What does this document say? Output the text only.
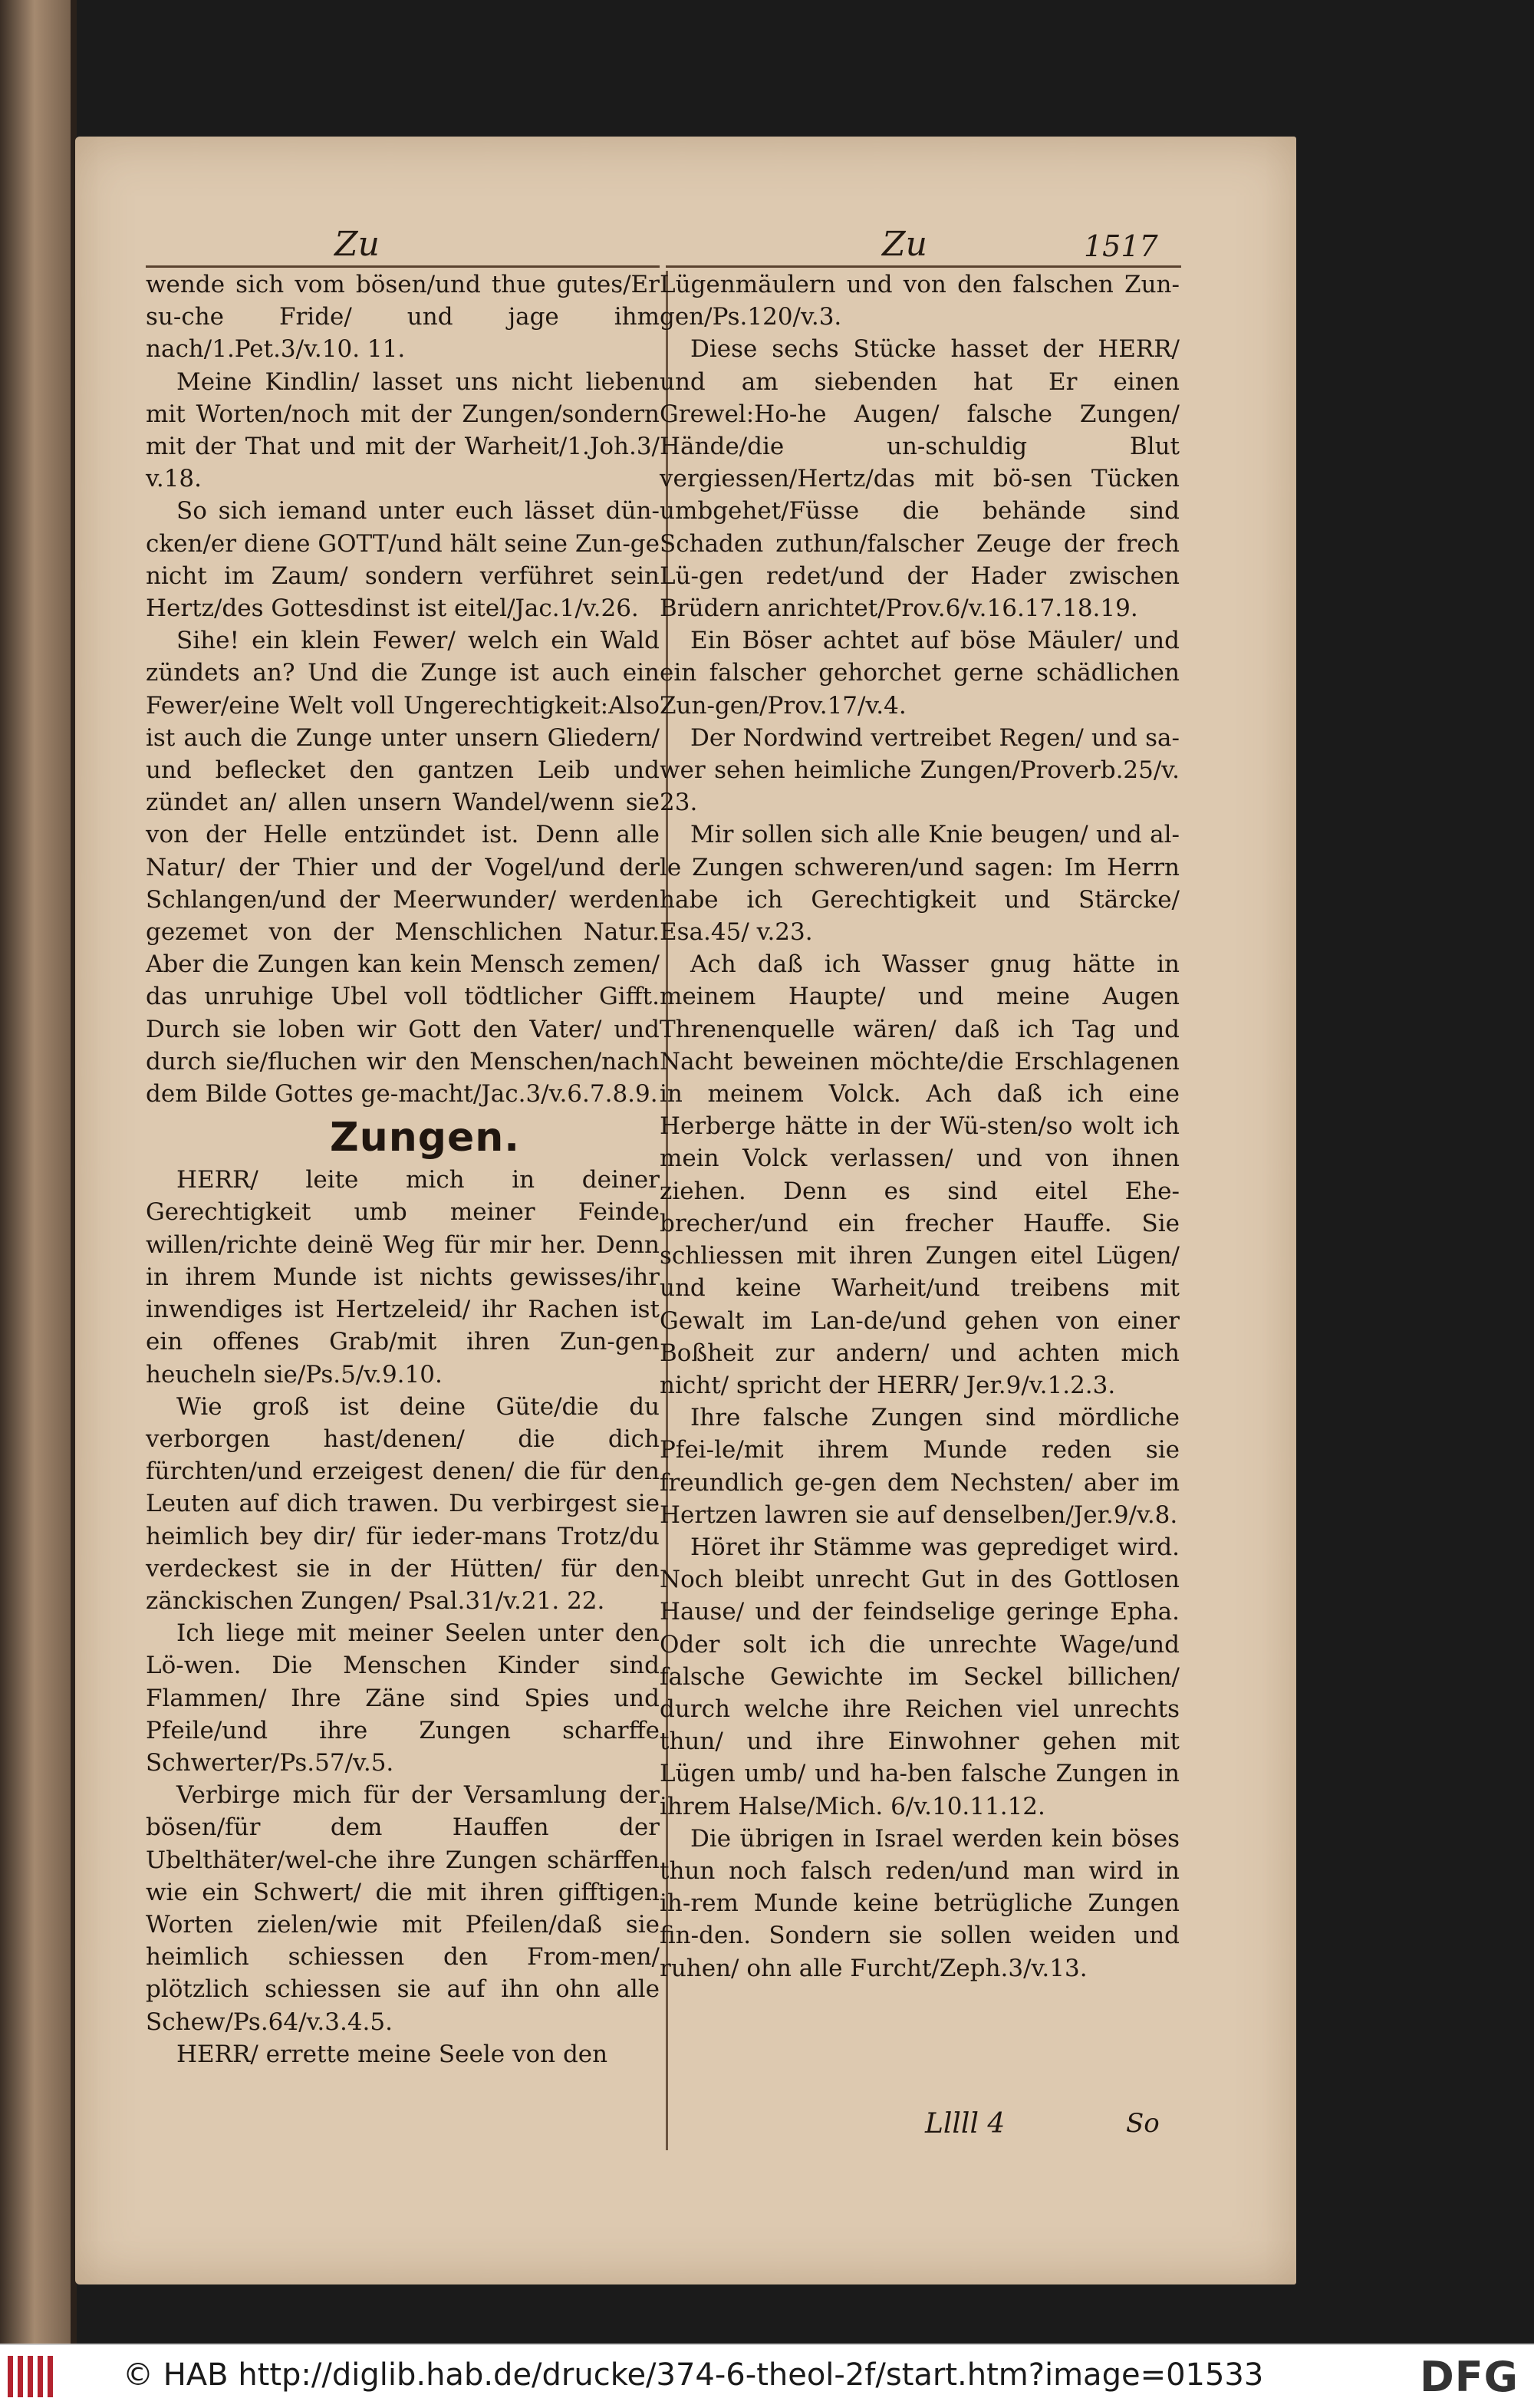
Zu	Zu	1517

wende sich vom bösen/und thue gutes/Er su-che Fride/ und jage ihm nach/1.Pet.3/v.10. 11.

Meine Kindlin/ lasset uns nicht lieben mit Worten/noch mit der Zungen/sondern mit der That und mit der Warheit/1.Joh.3/ v.18.

So sich iemand unter euch lässet dün-cken/er diene GOTT/und hält seine Zun-ge nicht im Zaum/ sondern verführet sein Hertz/des Gottesdinst ist eitel/Jac.1/v.26.

Sihe! ein klein Fewer/ welch ein Wald zündets an? Und die Zunge ist auch ein Fewer/eine Welt voll Ungerechtigkeit:Also ist auch die Zunge unter unsern Gliedern/ und beflecket den gantzen Leib und zündet an/ allen unsern Wandel/wenn sie von der Helle entzündet ist. Denn alle Natur/ der Thier und der Vogel/und der Schlangen/und der Meerwunder/ werden gezemet von der Menschlichen Natur. Aber die Zungen kan kein Mensch zemen/ das unruhige Ubel voll tödtlicher Gifft. Durch sie loben wir Gott den Vater/ und durch sie/fluchen wir den Menschen/nach dem Bilde Gottes ge-macht/Jac.3/v.6.7.8.9.

Zungen.

HERR/ leite mich in deiner Gerechtigkeit umb meiner Feinde willen/richte deinë Weg für mir her. Denn in ihrem Munde ist nichts gewisses/ihr inwendiges ist Hertzeleid/ ihr Rachen ist ein offenes Grab/mit ihren Zun-gen heucheln sie/Ps.5/v.9.10.

Wie groß ist deine Güte/die du verborgen hast/denen/ die dich fürchten/und erzeigest denen/ die für den Leuten auf dich trawen. Du verbirgest sie heimlich bey dir/ für ieder-mans Trotz/du verdeckest sie in der Hütten/ für den zänckischen Zungen/ Psal.31/v.21. 22.

Ich liege mit meiner Seelen unter den Lö-wen. Die Menschen Kinder sind Flammen/ Ihre Zäne sind Spies und Pfeile/und ihre Zungen scharffe Schwerter/Ps.57/v.5.

Verbirge mich für der Versamlung der bösen/für dem Hauffen der Ubelthäter/wel-che ihre Zungen schärffen wie ein Schwert/ die mit ihren gifftigen Worten zielen/wie mit Pfeilen/daß sie heimlich schiessen den From-men/ plötzlich schiessen sie auf ihn ohn alle Schew/Ps.64/v.3.4.5.

HERR/ errette meine Seele von den

Lügenmäulern und von den falschen Zun-gen/Ps.120/v.3.

Diese sechs Stücke hasset der HERR/ und am siebenden hat Er einen Grewel:Ho-he Augen/ falsche Zungen/ Hände/die un-schuldig Blut vergiessen/Hertz/das mit bö-sen Tücken umbgehet/Füsse die behände sind Schaden zuthun/falscher Zeuge der frech Lü-gen redet/und der Hader zwischen Brüdern anrichtet/Prov.6/v.16.17.18.19.

Ein Böser achtet auf böse Mäuler/ und ein falscher gehorchet gerne schädlichen Zun-gen/Prov.17/v.4.

Der Nordwind vertreibet Regen/ und sa-wer sehen heimliche Zungen/Proverb.25/v. 23.

Mir sollen sich alle Knie beugen/ und al-le Zungen schweren/und sagen: Im Herrn habe ich Gerechtigkeit und Stärcke/ Esa.45/ v.23.

Ach daß ich Wasser gnug hätte in meinem Haupte/ und meine Augen Threnenquelle wären/ daß ich Tag und Nacht beweinen möchte/die Erschlagenen in meinem Volck. Ach daß ich eine Herberge hätte in der Wü-sten/so wolt ich mein Volck verlassen/ und von ihnen ziehen. Denn es sind eitel Ehe-brecher/und ein frecher Hauffe. Sie schliessen mit ihren Zungen eitel Lügen/ und keine Warheit/und treibens mit Gewalt im Lan-de/und gehen von einer Boßheit zur andern/ und achten mich nicht/ spricht der HERR/ Jer.9/v.1.2.3.

Ihre falsche Zungen sind mördliche Pfei-le/mit ihrem Munde reden sie freundlich ge-gen dem Nechsten/ aber im Hertzen lawren sie auf denselben/Jer.9/v.8.

Höret ihr Stämme was geprediget wird. Noch bleibt unrecht Gut in des Gottlosen Hause/ und der feindselige geringe Epha. Oder solt ich die unrechte Wage/und falsche Gewichte im Seckel billichen/ durch welche ihre Reichen viel unrechts thun/ und ihre Einwohner gehen mit Lügen umb/ und ha-ben falsche Zungen in ihrem Halse/Mich. 6/v.10.11.12.

Die übrigen in Israel werden kein böses thun noch falsch reden/und man wird in ih-rem Munde keine betrügliche Zungen fin-den. Sondern sie sollen weiden und ruhen/ ohn alle Furcht/Zeph.3/v.13.

Lllll 4	So
© HAB http://diglib.hab.de/drucke/374-6-theol-2f/start.htm?image=01533	DFG
